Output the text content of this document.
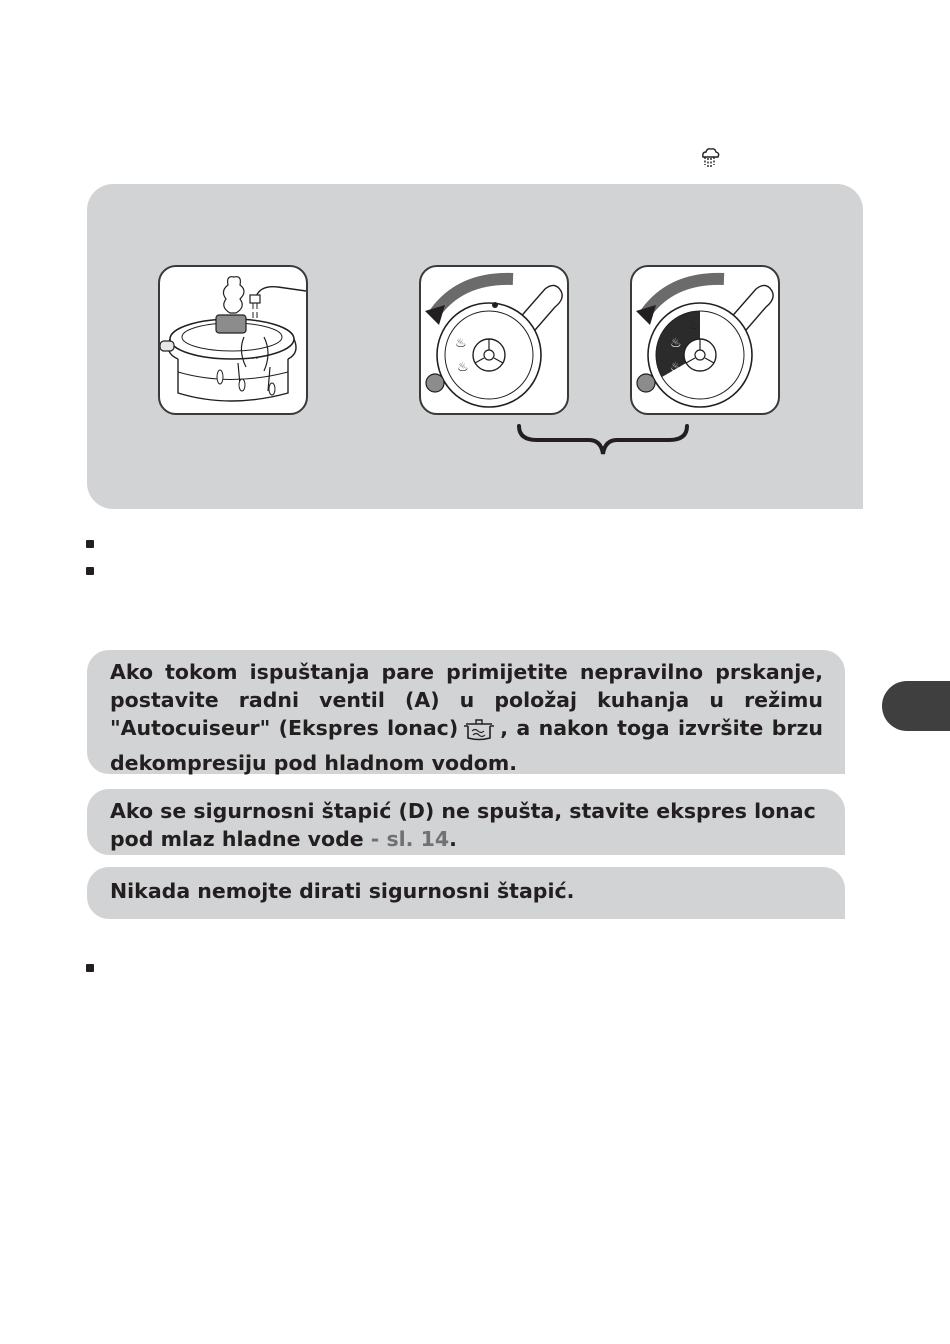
♨
♨
♨
♨
♨
Ako tokom ispuštanja pare primijetite nepravilno prskanje, postavite radni ventil (A) u položaj kuhanja u režimu "Autocuiseur" (Ekspres lonac) , a nakon toga izvršite brzu dekompresiju pod hladnom vodom.
Ako se sigurnosni štapić (D) ne spušta, stavite ekspres lonac pod mlaz hladne vode - sl. 14.
Nikada nemojte dirati sigurnosni štapić.
